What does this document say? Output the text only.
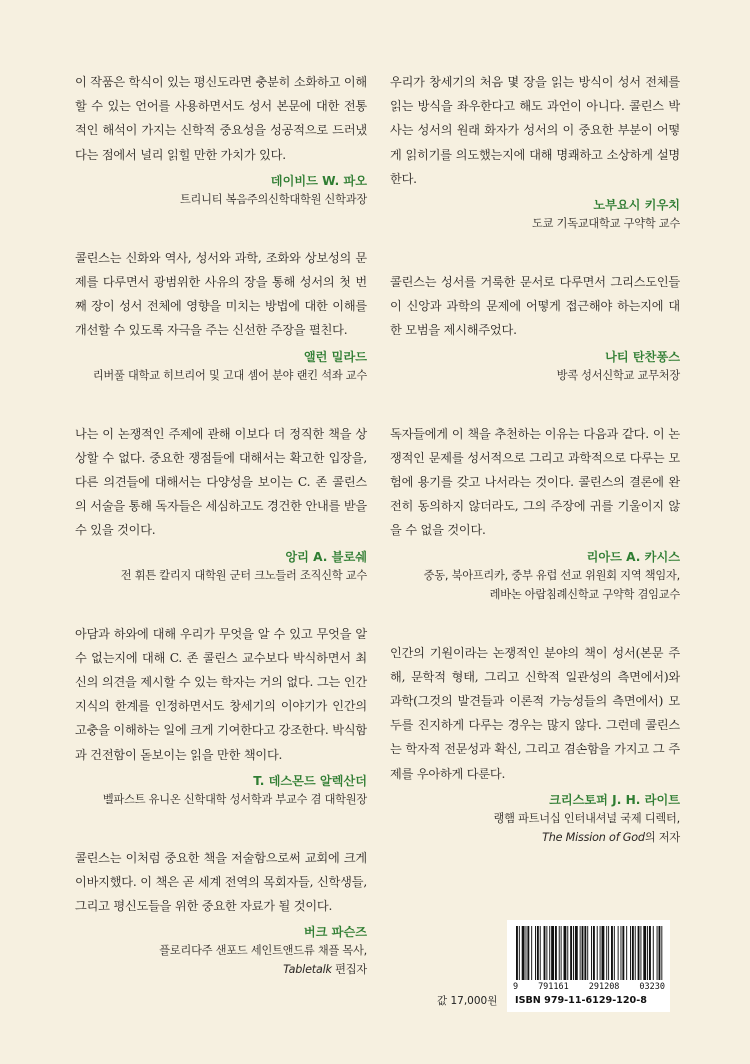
이 작품은 학식이 있는 평신도라면 충분히 소화하고 이해할 수 있는 언어를 사용하면서도 성서 본문에 대한 전통적인 해석이 가지는 신학적 중요성을 성공적으로 드러냈다는 점에서 널리 읽힐 만한 가치가 있다.

데이비드 W. 파오
트리니티 복음주의신학대학원 신학과장

콜린스는 신화와 역사, 성서와 과학, 조화와 상보성의 문제를 다루면서 광범위한 사유의 장을 통해 성서의 첫 번째 장이 성서 전체에 영향을 미치는 방법에 대한 이해를 개선할 수 있도록 자극을 주는 신선한 주장을 펼친다.

앨런 밀라드
리버풀 대학교 히브리어 및 고대 셈어 분야 랜킨 석좌 교수

나는 이 논쟁적인 주제에 관해 이보다 더 정직한 책을 상상할 수 없다. 중요한 쟁점들에 대해서는 확고한 입장을, 다른 의견들에 대해서는 다양성을 보이는 C. 존 콜린스의 서술을 통해 독자들은 세심하고도 경건한 안내를 받을 수 있을 것이다.

앙리 A. 블로쉐
전 휘튼 칼리지 대학원 군터 크노들러 조직신학 교수

아담과 하와에 대해 우리가 무엇을 알 수 있고 무엇을 알 수 없는지에 대해 C. 존 콜린스 교수보다 박식하면서 최신의 의견을 제시할 수 있는 학자는 거의 없다. 그는 인간 지식의 한계를 인정하면서도 창세기의 이야기가 인간의 고충을 이해하는 일에 크게 기여한다고 강조한다. 박식함과 건전함이 돋보이는 읽을 만한 책이다.

T. 데스몬드 알렉산더
벨파스트 유니온 신학대학 성서학과 부교수 겸 대학원장

콜린스는 이처럼 중요한 책을 저술함으로써 교회에 크게 이바지했다. 이 책은 곧 세계 전역의 목회자들, 신학생들, 그리고 평신도들을 위한 중요한 자료가 될 것이다.

버크 파슨즈
플로리다주 샌포드 세인트앤드류 채플 목사,
Tabletalk 편집자

우리가 창세기의 처음 몇 장을 읽는 방식이 성서 전체를 읽는 방식을 좌우한다고 해도 과언이 아니다. 콜린스 박사는 성서의 원래 화자가 성서의 이 중요한 부분이 어떻게 읽히기를 의도했는지에 대해 명쾌하고 소상하게 설명한다.

노부요시 키우치
도쿄 기독교대학교 구약학 교수

콜린스는 성서를 거룩한 문서로 다루면서 그리스도인들이 신앙과 과학의 문제에 어떻게 접근해야 하는지에 대한 모범을 제시해주었다.

나티 탄찬퐁스
방콕 성서신학교 교무처장

독자들에게 이 책을 추천하는 이유는 다음과 같다. 이 논쟁적인 문제를 성서적으로 그리고 과학적으로 다루는 모험에 용기를 갖고 나서라는 것이다. 콜린스의 결론에 완전히 동의하지 않더라도, 그의 주장에 귀를 기울이지 않을 수 없을 것이다.

리아드 A. 카시스
중동, 북아프리카, 중부 유럽 선교 위원회 지역 책임자,
레바논 아랍침례신학교 구약학 겸임교수

인간의 기원이라는 논쟁적인 분야의 책이 성서(본문 주해, 문학적 형태, 그리고 신학적 일관성의 측면에서)와 과학(그것의 발견들과 이론적 가능성들의 측면에서) 모두를 진지하게 다루는 경우는 많지 않다. 그런데 콜린스는 학자적 전문성과 확신, 그리고 겸손함을 가지고 그 주제를 우아하게 다룬다.

크리스토퍼 J. H. 라이트
랭햄 파트너십 인터내셔널 국제 디렉터,
The Mission of God의 저자
9 791161 291208 03230
ISBN 979-11-6129-120-8
값 17,000원
